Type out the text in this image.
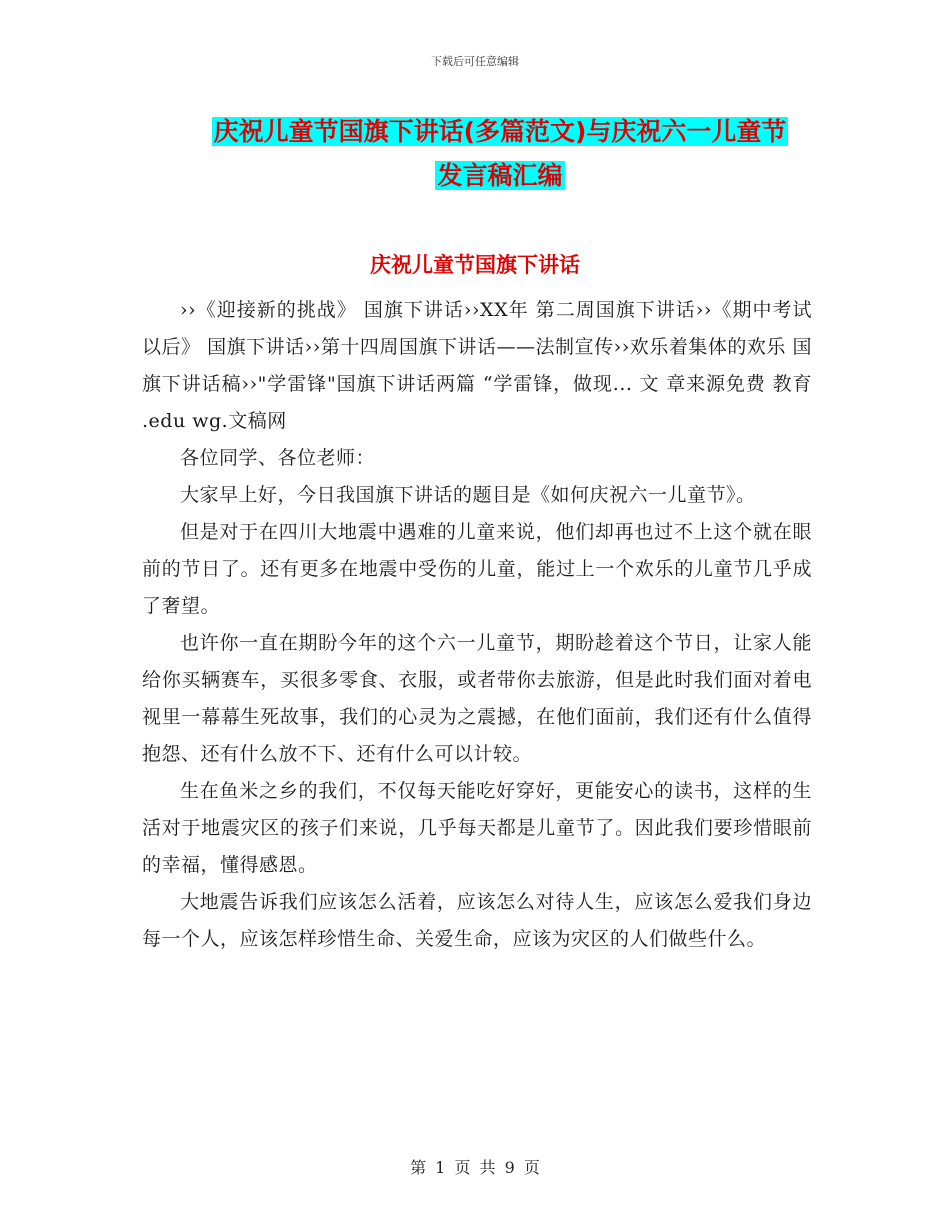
下载后可任意编辑
庆祝儿童节国旗下讲话(多篇范文)与庆祝六一儿童节
发言稿汇编
庆祝儿童节国旗下讲话

››《迎接新的挑战》 国旗下讲话››XX年 第二周国旗下讲话››《期中考试以后》 国旗下讲话››第十四周国旗下讲话——法制宣传››欢乐着集体的欢乐 国旗下讲话稿››"学雷锋"国旗下讲话两篇 “学雷锋，做现... 文 章来源免费 教育 .edu wg.文稿网

各位同学、各位老师：

大家早上好，今日我国旗下讲话的题目是《如何庆祝六一儿童节》。

但是对于在四川大地震中遇难的儿童来说，他们却再也过不上这个就在眼前的节日了。还有更多在地震中受伤的儿童，能过上一个欢乐的儿童节几乎成了奢望。

也许你一直在期盼今年的这个六一儿童节，期盼趁着这个节日，让家人能给你买辆赛车，买很多零食、衣服，或者带你去旅游，但是此时我们面对着电视里一幕幕生死故事，我们的心灵为之震撼，在他们面前，我们还有什么值得抱怨、还有什么放不下、还有什么可以计较。

生在鱼米之乡的我们，不仅每天能吃好穿好，更能安心的读书，这样的生活对于地震灾区的孩子们来说，几乎每天都是儿童节了。因此我们要珍惜眼前的幸福，懂得感恩。

大地震告诉我们应该怎么活着，应该怎么对待人生，应该怎么爱我们身边每一个人，应该怎样珍惜生命、关爱生命，应该为灾区的人们做些什么。

第 1 页 共 9 页
